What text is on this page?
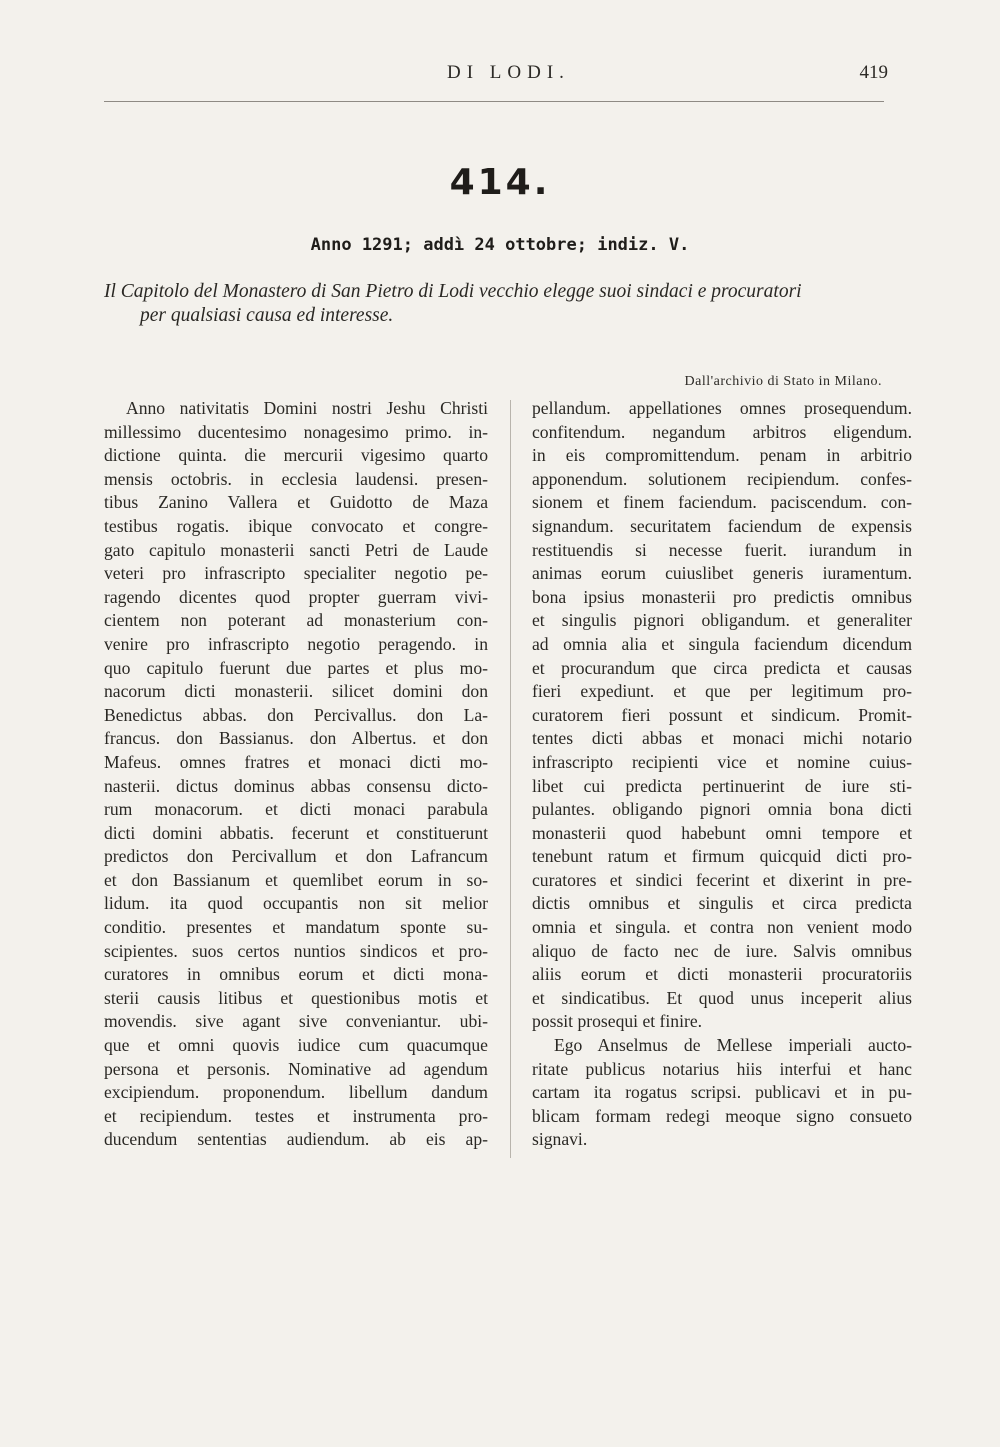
DI LODI.	419
414.
Anno 1291; addì 24 ottobre; indiz. V.
Il Capitolo del Monastero di San Pietro di Lodi vecchio elegge suoi sindaci e procuratori
per qualsiasi causa ed interesse.
Dall'archivio di Stato in Milano.
Anno nativitatis Domini nostri Jeshu Christi
millessimo ducentesimo nonagesimo primo. in-
dictione quinta. die mercurii vigesimo quarto
mensis octobris. in ecclesia laudensi. presen-
tibus Zanino Vallera et Guidotto de Maza
testibus rogatis. ibique convocato et congre-
gato capitulo monasterii sancti Petri de Laude
veteri pro infrascripto specialiter negotio pe-
ragendo dicentes quod propter guerram vivi-
cientem non poterant ad monasterium con-
venire pro infrascripto negotio peragendo. in
quo capitulo fuerunt due partes et plus mo-
nacorum dicti monasterii. silicet domini don
Benedictus abbas. don Percivallus. don La-
francus. don Bassianus. don Albertus. et don
Mafeus. omnes fratres et monaci dicti mo-
nasterii. dictus dominus abbas consensu dicto-
rum monacorum. et dicti monaci parabula
dicti domini abbatis. fecerunt et constituerunt
predictos don Percivallum et don Lafrancum
et don Bassianum et quemlibet eorum in so-
lidum. ita quod occupantis non sit melior
conditio. presentes et mandatum sponte su-
scipientes. suos certos nuntios sindicos et pro-
curatores in omnibus eorum et dicti mona-
sterii causis litibus et questionibus motis et
movendis. sive agant sive conveniantur. ubi-
que et omni quovis iudice cum quacumque
persona et personis. Nominative ad agendum
excipiendum. proponendum. libellum dandum
et recipiendum. testes et instrumenta pro-
ducendum sententias audiendum. ab eis ap-
pellandum. appellationes omnes prosequendum.
confitendum. negandum arbitros eligendum.
in eis compromittendum. penam in arbitrio
apponendum. solutionem recipiendum. confes-
sionem et finem faciendum. paciscendum. con-
signandum. securitatem faciendum de expensis
restituendis si necesse fuerit. iurandum in
animas eorum cuiuslibet generis iuramentum.
bona ipsius monasterii pro predictis omnibus
et singulis pignori obligandum. et generaliter
ad omnia alia et singula faciendum dicendum
et procurandum que circa predicta et causas
fieri expediunt. et que per legitimum pro-
curatorem fieri possunt et sindicum. Promit-
tentes dicti abbas et monaci michi notario
infrascripto recipienti vice et nomine cuius-
libet cui predicta pertinuerint de iure sti-
pulantes. obligando pignori omnia bona dicti
monasterii quod habebunt omni tempore et
tenebunt ratum et firmum quicquid dicti pro-
curatores et sindici fecerint et dixerint in pre-
dictis omnibus et singulis et circa predicta
omnia et singula. et contra non venient modo
aliquo de facto nec de iure. Salvis omnibus
aliis eorum et dicti monasterii procuratoriis
et sindicatibus. Et quod unus inceperit alius
possit prosequi et finire.
Ego Anselmus de Mellese imperiali aucto-
ritate publicus notarius hiis interfui et hanc
cartam ita rogatus scripsi. publicavi et in pu-
blicam formam redegi meoque signo consueto
signavi.
